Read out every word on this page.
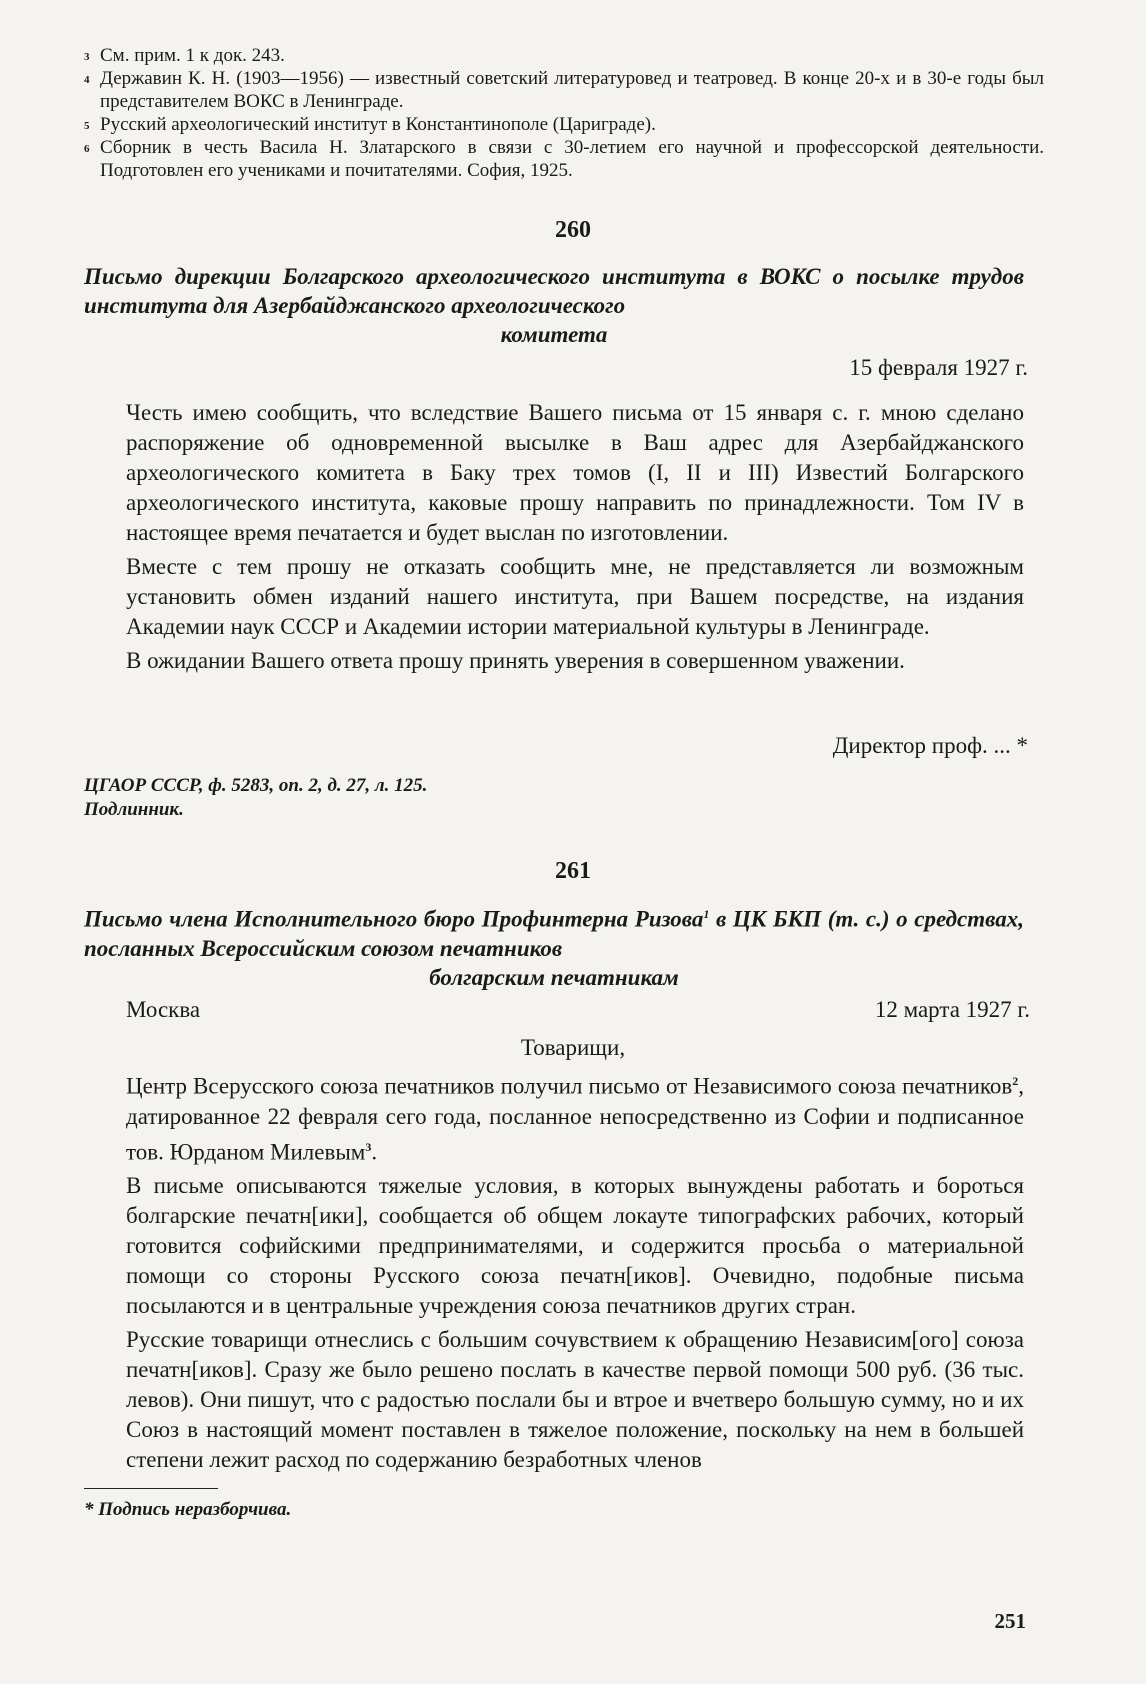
3 См. прим. 1 к док. 243.
4 Державин К. Н. (1903—1956) — известный советский литературовед и театровед. В конце 20-х и в 30-е годы был представителем ВОКС в Ленинграде.
5 Русский археологический институт в Константинополе (Цариграде).
6 Сборник в честь Васила Н. Златарского в связи с 30-летием его научной и профессорской деятельности. Подготовлен его учениками и почитателями. София, 1925.
260
Письмо дирекции Болгарского археологического института в ВОКС о посылке трудов института для Азербайджанского археологического
комитета
15 февраля 1927 г.

Честь имею сообщить, что вследствие Вашего письма от 15 января с. г. мною сделано распоряжение об одновременной высылке в Ваш адрес для Азербайджанского археологического комитета в Баку трех томов (I, II и III) Известий Болгарского археологического института, каковые прошу направить по принадлежности. Том IV в настоящее время печатается и будет выслан по изготовлении.

Вместе с тем прошу не отказать сообщить мне, не представляется ли возможным установить обмен изданий нашего института, при Вашем посредстве, на издания Академии наук СССР и Академии истории материальной культуры в Ленинграде.

В ожидании Вашего ответа прошу принять уверения в совершенном уважении.

Директор проф. ... *
ЦГАОР СССР, ф. 5283, оп. 2, д. 27, л. 125.
Подлинник.
261
Письмо члена Исполнительного бюро Профинтерна Ризова$^1$ в ЦК БКП (т. с.) о средствах, посланных Всероссийским союзом печатников
болгарским печатникам
Москва	12 марта 1927 г.
Товарищи,

Центр Всерусского союза печатников получил письмо от Независимого союза печатников$^2$, датированное 22 февраля сего года, посланное непосредственно из Софии и подписанное тов. Юрданом Милевым$^3$.

В письме описываются тяжелые условия, в которых вынуждены работать и бороться болгарские печатн[ики], сообщается об общем локауте типографских рабочих, который готовится софийскими предпринимателями, и содержится просьба о материальной помощи со стороны Русского союза печатн[иков]. Очевидно, подобные письма посылаются и в центральные учреждения союза печатников других стран.

Русские товарищи отнеслись с большим сочувствием к обращению Независим[ого] союза печатн[иков]. Сразу же было решено послать в качестве первой помощи 500 руб. (36 тыс. левов). Они пишут, что с радостью послали бы и втрое и вчетверо большую сумму, но и их Союз в настоящий момент поставлен в тяжелое положение, поскольку на нем в большей степени лежит расход по содержанию безработных членов

* Подпись неразборчива.
251
